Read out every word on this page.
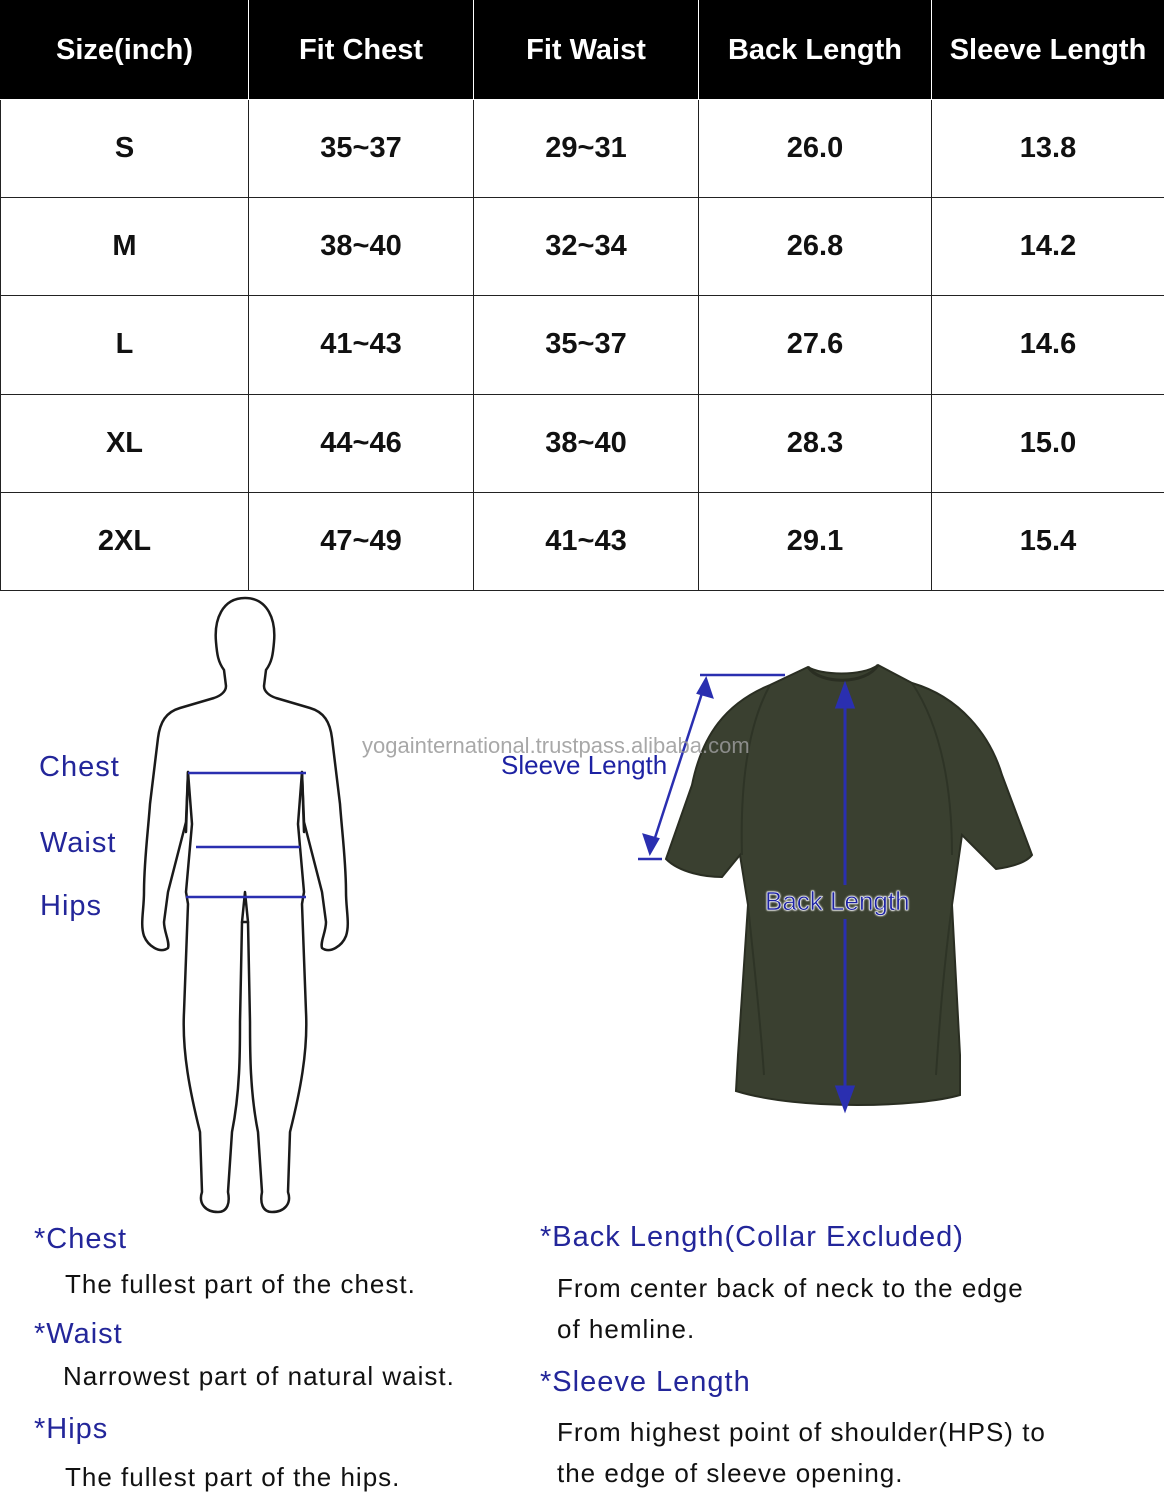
Size(inch)	Fit Chest	Fit Waist	Back Length	Sleeve Length
S	35~37	29~31	26.0	13.8
M	38~40	32~34	26.8	14.2
L	41~43	35~37	27.6	14.6
XL	44~46	38~40	28.3	15.0
2XL	47~49	41~43	29.1	15.4
Chest
Waist
Hips
yogainternational.trustpass.alibaba.com
Sleeve Length
Back Length
*Chest
The fullest part of the chest.
*Waist
Narrowest part of natural waist.
*Hips
The fullest part of the hips.
*Back Length(Collar Excluded)
From center back of neck to the edge
of hemline.
*Sleeve Length
From highest point of shoulder(HPS) to
the edge of sleeve opening.
